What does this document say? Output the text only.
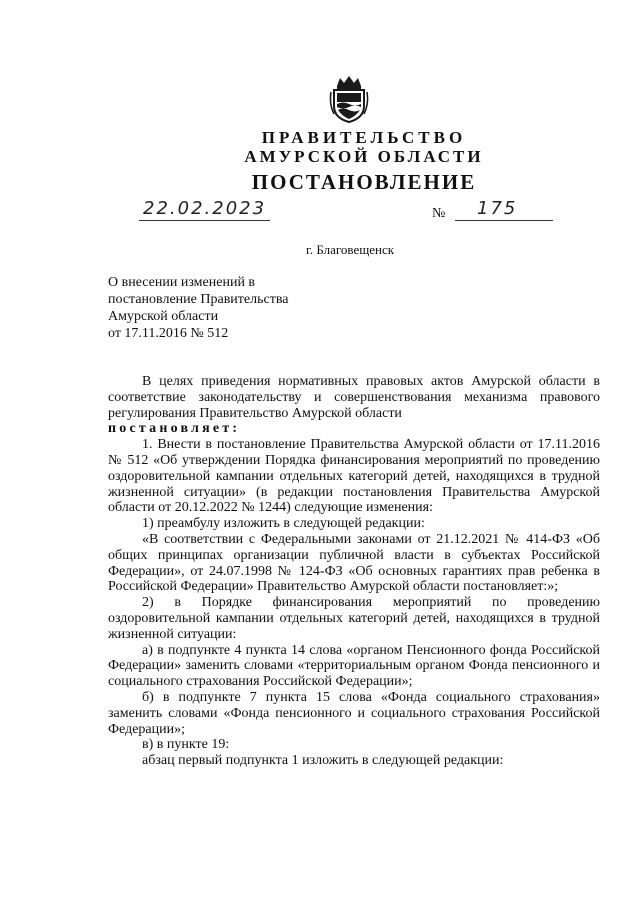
ПРАВИТЕЛЬСТВО
АМУРСКОЙ ОБЛАСТИ
ПОСТАНОВЛЕНИЕ
22.02.2023	№	175
г. Благовещенск
О внесении изменений в
постановление Правительства
Амурской области
от 17.11.2016 № 512

В целях приведения нормативных правовых актов Амурской области в соответствие законодательству и совершенствования механизма правового регулирования Правительство Амурской области

постановляет:

1. Внести в постановление Правительства Амурской области от 17.11.2016 № 512 «Об утверждении Порядка финансирования мероприятий по проведению оздоровительной кампании отдельных категорий детей, находящихся в трудной жизненной ситуации» (в редакции постановления Правительства Амурской области от 20.12.2022 № 1244) следующие изменения:

1) преамбулу изложить в следующей редакции:

«В соответствии с Федеральными законами от 21.12.2021 № 414-ФЗ «Об общих принципах организации публичной власти в субъектах Российской Федерации», от 24.07.1998 № 124-ФЗ «Об основных гарантиях прав ребенка в Российской Федерации» Правительство Амурской области постановляет:»;

2) в Порядке финансирования мероприятий по проведению оздоровительной кампании отдельных категорий детей, находящихся в трудной жизненной ситуации:

а) в подпункте 4 пункта 14 слова «органом Пенсионного фонда Российской Федерации» заменить словами «территориальным органом Фонда пенсионного и социального страхования Российской Федерации»;

б) в подпункте 7 пункта 15 слова «Фонда социального страхования» заменить словами «Фонда пенсионного и социального страхования Российской Федерации»;

в) в пункте 19:

абзац первый подпункта 1 изложить в следующей редакции:
